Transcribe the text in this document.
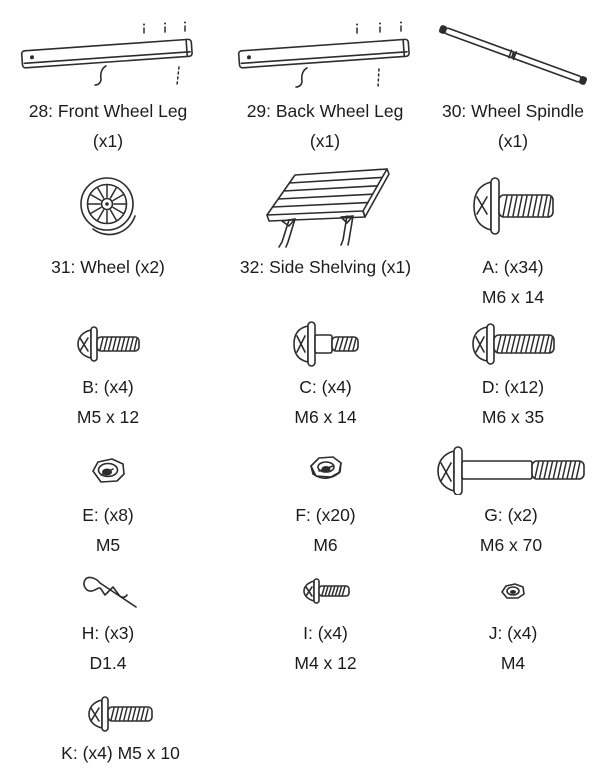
28: Front Wheel Leg
(x1)
29: Back Wheel Leg
(x1)
30: Wheel Spindle
(x1)
31: Wheel (x2)	32: Side Shelving (x1)	A: (x34)
M6 x 14
B: (x4)
M5 x 12
C: (x4)
M6 x 14
D: (x12)
M6 x 35
E: (x8)
M5
F: (x20)
M6
G: (x2)
M6 x 70
H: (x3)
D1.4
I: (x4)
M4 x 12
J: (x4)
M4
K: (x4) M5 x 10
